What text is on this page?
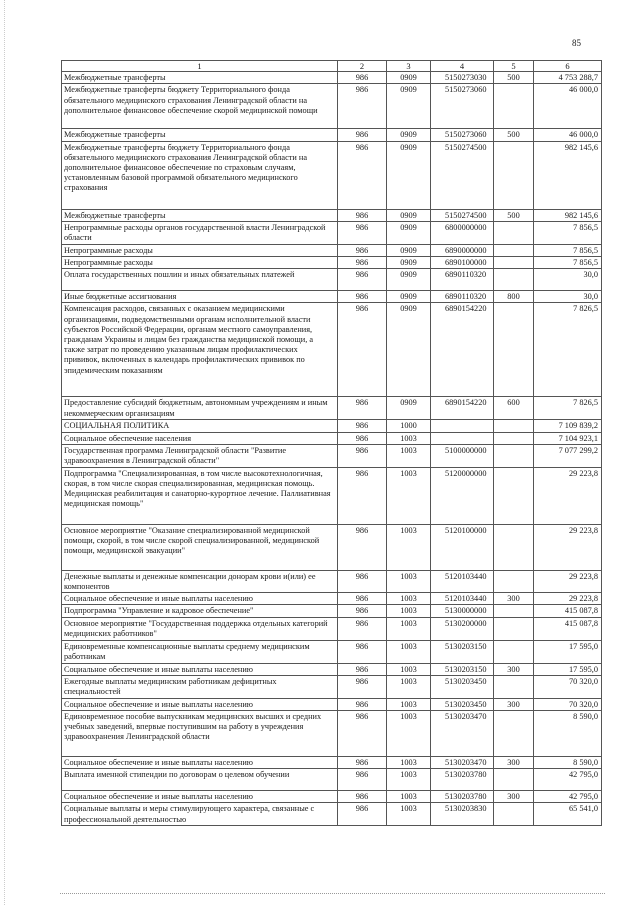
85
1	2	3	4	5	6
Межбюджетные трансферты	986	0909	5150273030	500	4 753 288,7
Межбюджетные трансферты бюджету Территориального фонда обязательного медицинского страхования Ленинградской области на дополнительное финансовое обеспечение скорой медицинской помощи	986	0909	5150273060		46 000,0
Межбюджетные трансферты	986	0909	5150273060	500	46 000,0
Межбюджетные трансферты бюджету Территориального фонда обязательного медицинского страхования Ленинградской области на дополнительное финансовое обеспечение по страховым случаям, установленным базовой программой обязательного медицинского страхования	986	0909	5150274500		982 145,6
Межбюджетные трансферты	986	0909	5150274500	500	982 145,6
Непрограммные расходы органов государственной власти Ленинградской области	986	0909	6800000000		7 856,5
Непрограммные расходы	986	0909	6890000000		7 856,5
Непрограммные расходы	986	0909	6890100000		7 856,5
Оплата государственных пошлин и иных обязательных платежей	986	0909	6890110320		30,0
Иные бюджетные ассигнования	986	0909	6890110320	800	30,0
Компенсация расходов, связанных с оказанием медицинскими организациями, подведомственными органам исполнительной власти субъектов Российской Федерации, органам местного самоуправления, гражданам Украины и лицам без гражданства медицинской помощи, а также затрат по проведению указанным лицам профилактических прививок, включенных в календарь профилактических прививок по эпидемическим показаниям	986	0909	6890154220		7 826,5
Предоставление субсидий бюджетным, автономным учреждениям и иным некоммерческим организациям	986	0909	6890154220	600	7 826,5
СОЦИАЛЬНАЯ ПОЛИТИКА	986	1000			7 109 839,2
Социальное обеспечение населения	986	1003			7 104 923,1
Государственная программа Ленинградской области "Развитие здравоохранения в Ленинградской области"	986	1003	5100000000		7 077 299,2
Подпрограмма "Специализированная, в том числе высокотехнологичная, скорая, в том числе скорая специализированная, медицинская помощь. Медицинская реабилитация и санаторно-курортное лечение. Паллиативная медицинская помощь"	986	1003	5120000000		29 223,8
Основное мероприятие "Оказание специализированной медицинской помощи, скорой, в том числе скорой специализированной, медицинской помощи, медицинской эвакуации"	986	1003	5120100000		29 223,8
Денежные выплаты и денежные компенсации донорам крови и(или) ее компонентов	986	1003	5120103440		29 223,8
Социальное обеспечение и иные выплаты населению	986	1003	5120103440	300	29 223,8
Подпрограмма "Управление и кадровое обеспечение"	986	1003	5130000000		415 087,8
Основное мероприятие "Государственная поддержка отдельных категорий медицинских работников"	986	1003	5130200000		415 087,8
Единовременные компенсационные выплаты среднему медицинским работникам	986	1003	5130203150		17 595,0
Социальное обеспечение и иные выплаты населению	986	1003	5130203150	300	17 595,0
Ежегодные выплаты медицинским работникам дефицитных специальностей	986	1003	5130203450		70 320,0
Социальное обеспечение и иные выплаты населению	986	1003	5130203450	300	70 320,0
Единовременное пособие выпускникам медицинских высших и средних учебных заведений, впервые поступившим на работу в учреждения здравоохранения Ленинградской области	986	1003	5130203470		8 590,0
Социальное обеспечение и иные выплаты населению	986	1003	5130203470	300	8 590,0
Выплата именной стипендии по договорам о целевом обучении	986	1003	5130203780		42 795,0
Социальное обеспечение и иные выплаты населению	986	1003	5130203780	300	42 795,0
Социальные выплаты и меры стимулирующего характера, связанные с профессиональной деятельностью	986	1003	5130203830		65 541,0
